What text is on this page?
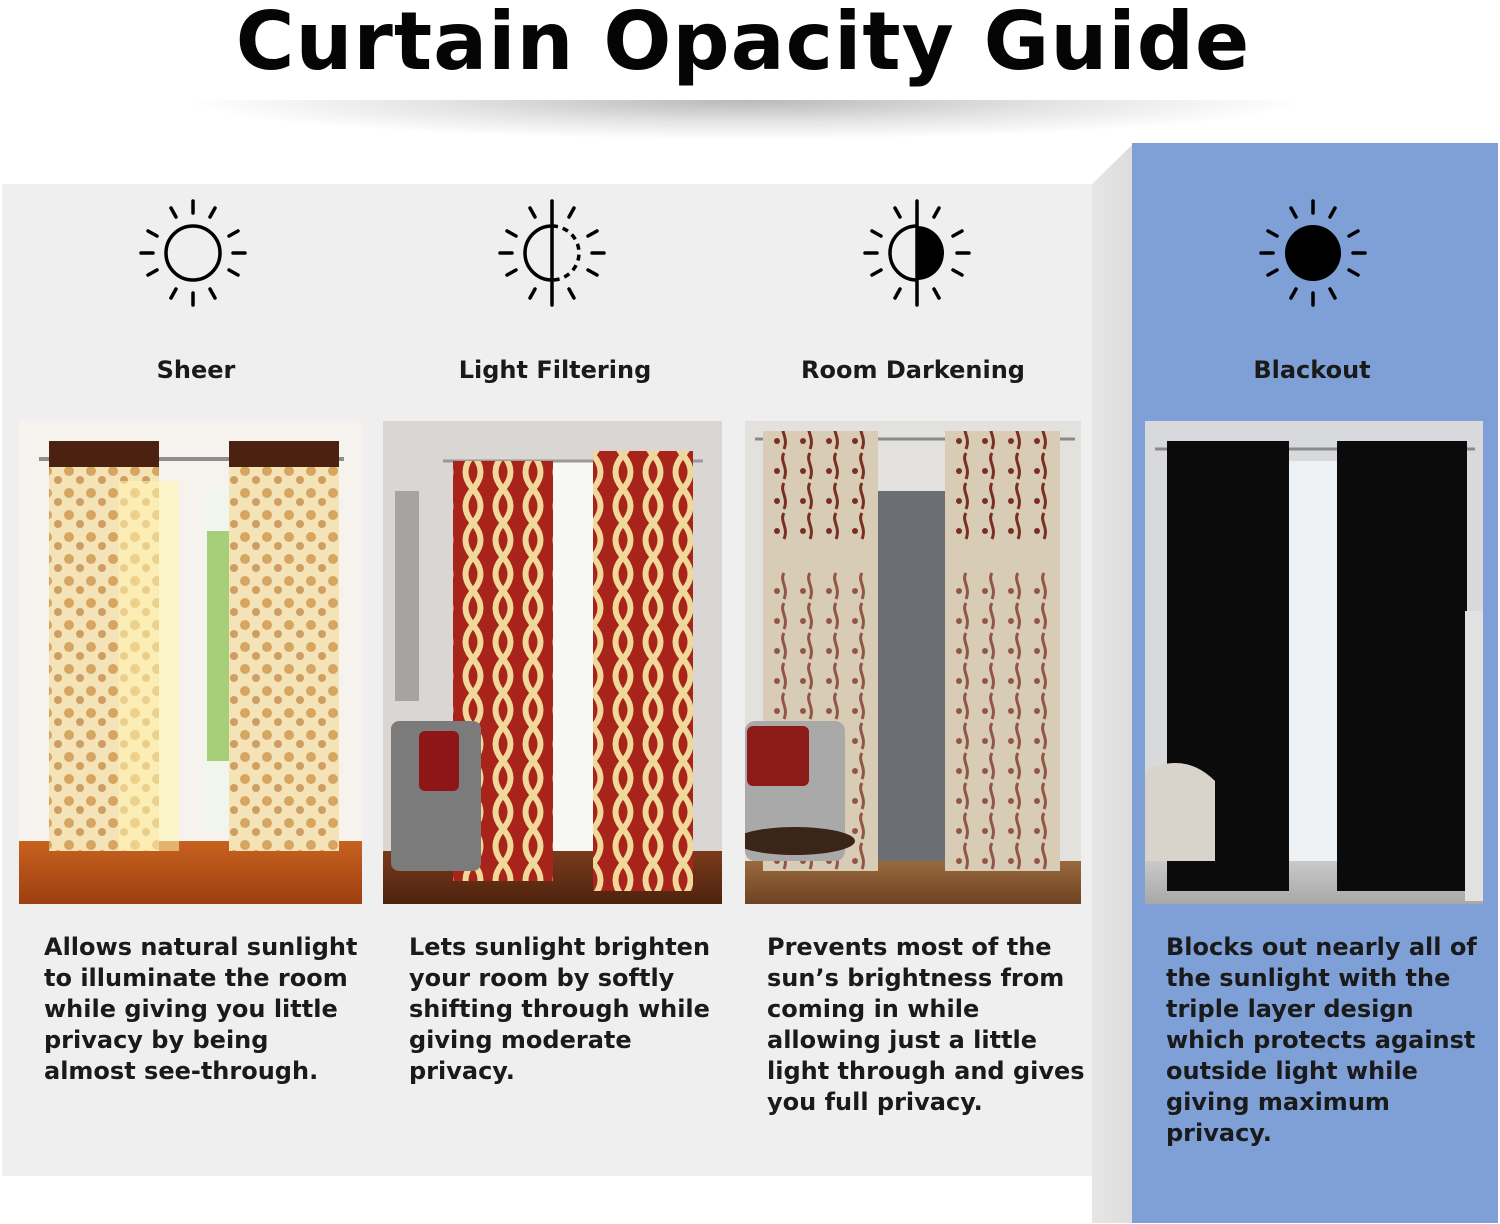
Curtain Opacity Guide
Sheer
Allows natural sunlight
to illuminate the room
while giving you little
privacy by being
almost see-through.
Light Filtering
Lets sunlight brighten
your room by softly
shifting through while
giving moderate
privacy.
Room Darkening
Prevents most of the
sun’s brightness from
coming in while
allowing just a little
light through and gives
you full privacy.
Blackout
Blocks out nearly all of
the sunlight with the
triple layer design
which protects against
outside light while
giving maximum
privacy.
